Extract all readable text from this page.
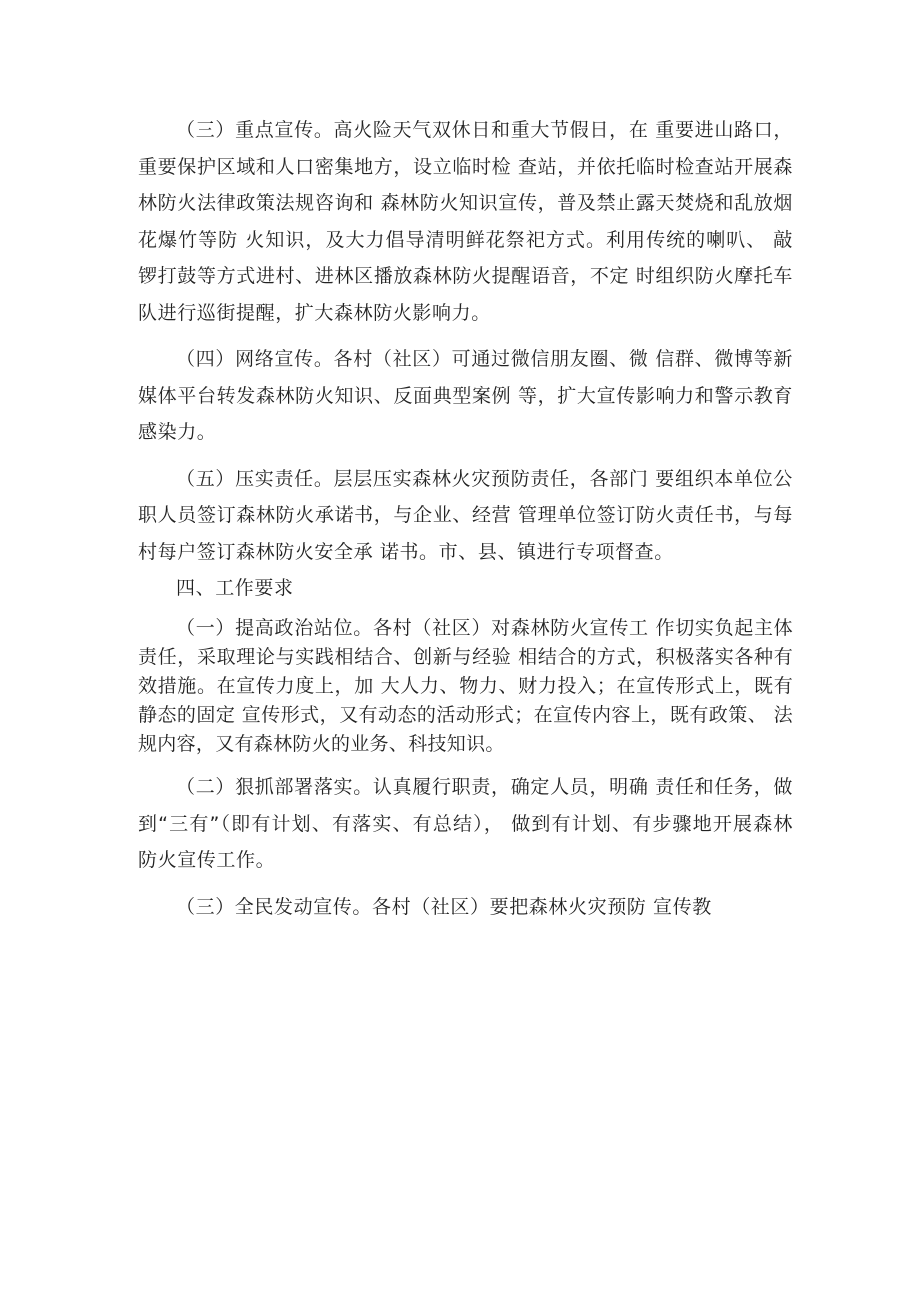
（三）重点宣传。高火险天气双休日和重大节假日，在 重要进山路口，重要保护区域和人口密集地方，设立临时检 查站，并依托临时检查站开展森林防火法律政策法规咨询和 森林防火知识宣传，普及禁止露天焚烧和乱放烟花爆竹等防 火知识，及大力倡导清明鲜花祭祀方式。利用传统的喇叭、 敲锣打鼓等方式进村、进林区播放森林防火提醒语音，不定 时组织防火摩托车队进行巡街提醒，扩大森林防火影响力。

（四）网络宣传。各村（社区）可通过微信朋友圈、微 信群、微博等新媒体平台转发森林防火知识、反面典型案例 等，扩大宣传影响力和警示教育感染力。

（五）压实责任。层层压实森林火灾预防责任，各部门 要组织本单位公职人员签订森林防火承诺书，与企业、经营 管理单位签订防火责任书，与每村每户签订森林防火安全承 诺书。市、县、镇进行专项督查。

四、工作要求

（一）提高政治站位。各村（社区）对森林防火宣传工 作切实负起主体责任，采取理论与实践相结合、创新与经验 相结合的方式，积极落实各种有效措施。在宣传力度上，加 大人力、物力、财力投入；在宣传形式上，既有静态的固定 宣传形式，又有动态的活动形式；在宣传内容上，既有政策、 法规内容，又有森林防火的业务、科技知识。

（二）狠抓部署落实。认真履行职责，确定人员，明确 责任和任务，做到“三有”（即有计划、有落实、有总结）， 做到有计划、有步骤地开展森林防火宣传工作。

（三）全民发动宣传。各村（社区）要把森林火灾预防 宣传教
